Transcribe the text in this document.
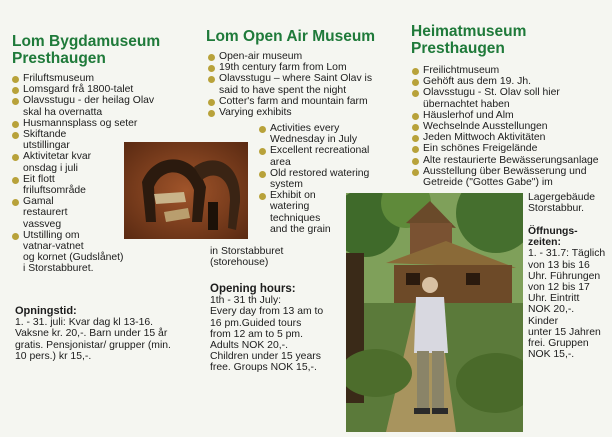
Lom Bygdamuseum
Presthaugen
Friluftsmuseum
Lomsgard frå 1800-talet
Olavsstugu - der heilag Olav
skal ha overnatta
Husmannsplass og seter
Skiftande
utstillingar
Aktivitetar kvar
onsdag i juli
Eit flott
friluftsområde
Gamal
restaurert
vassveg
Utstilling om
vatnar-vatnet
og kornet (Gudslånet)
i Storstabburet.
Opningstid:
1. - 31. juli: Kvar dag kl 13-16.
Vaksne kr. 20,-. Barn under 15 år
gratis. Pensjonistar/ grupper (min.
10 pers.) kr 15,-.
Lom Open Air Museum
Open-air museum
19th century farm from Lom
Olavsstugu – where Saint Olav is
said to have spent the night
Cotter's farm and mountain farm
Varying exhibits
Activities every
Wednesday in July
Excellent recreational
area
Old restored watering
system
Exhibit on
watering
techniques
and the grain
in Storstabburet
(storehouse)
Opening hours:
1th - 31 th July:
Every day from 13 am to
16 pm.Guided tours
from 12 am to 5 pm.
Adults NOK 20,-.
Children under 15 years
free. Groups NOK 15,-.
Heimatmuseum
Presthaugen
Freilichtmuseum
Gehöft aus dem 19. Jh.
Olavsstugu - St. Olav soll hier
übernachtet haben
Häuslerhof und Alm
Wechselnde Ausstellungen
Jeden Mittwoch Aktivitäten
Ein schönes Freigelände
Alte restaurierte Bewässerungsanlage
Ausstellung über Bewässerung und
Getreide ("Gottes Gabe") im
Lagergebäude
Storstabbur.
Öffnungs-
zeiten:
1. - 31.7: Täglich
von 13 bis 16
Uhr. Führungen
von 12 bis 17
Uhr. Eintritt
NOK 20,-.
Kinder
unter 15 Jahren
frei. Gruppen
NOK 15,-.
